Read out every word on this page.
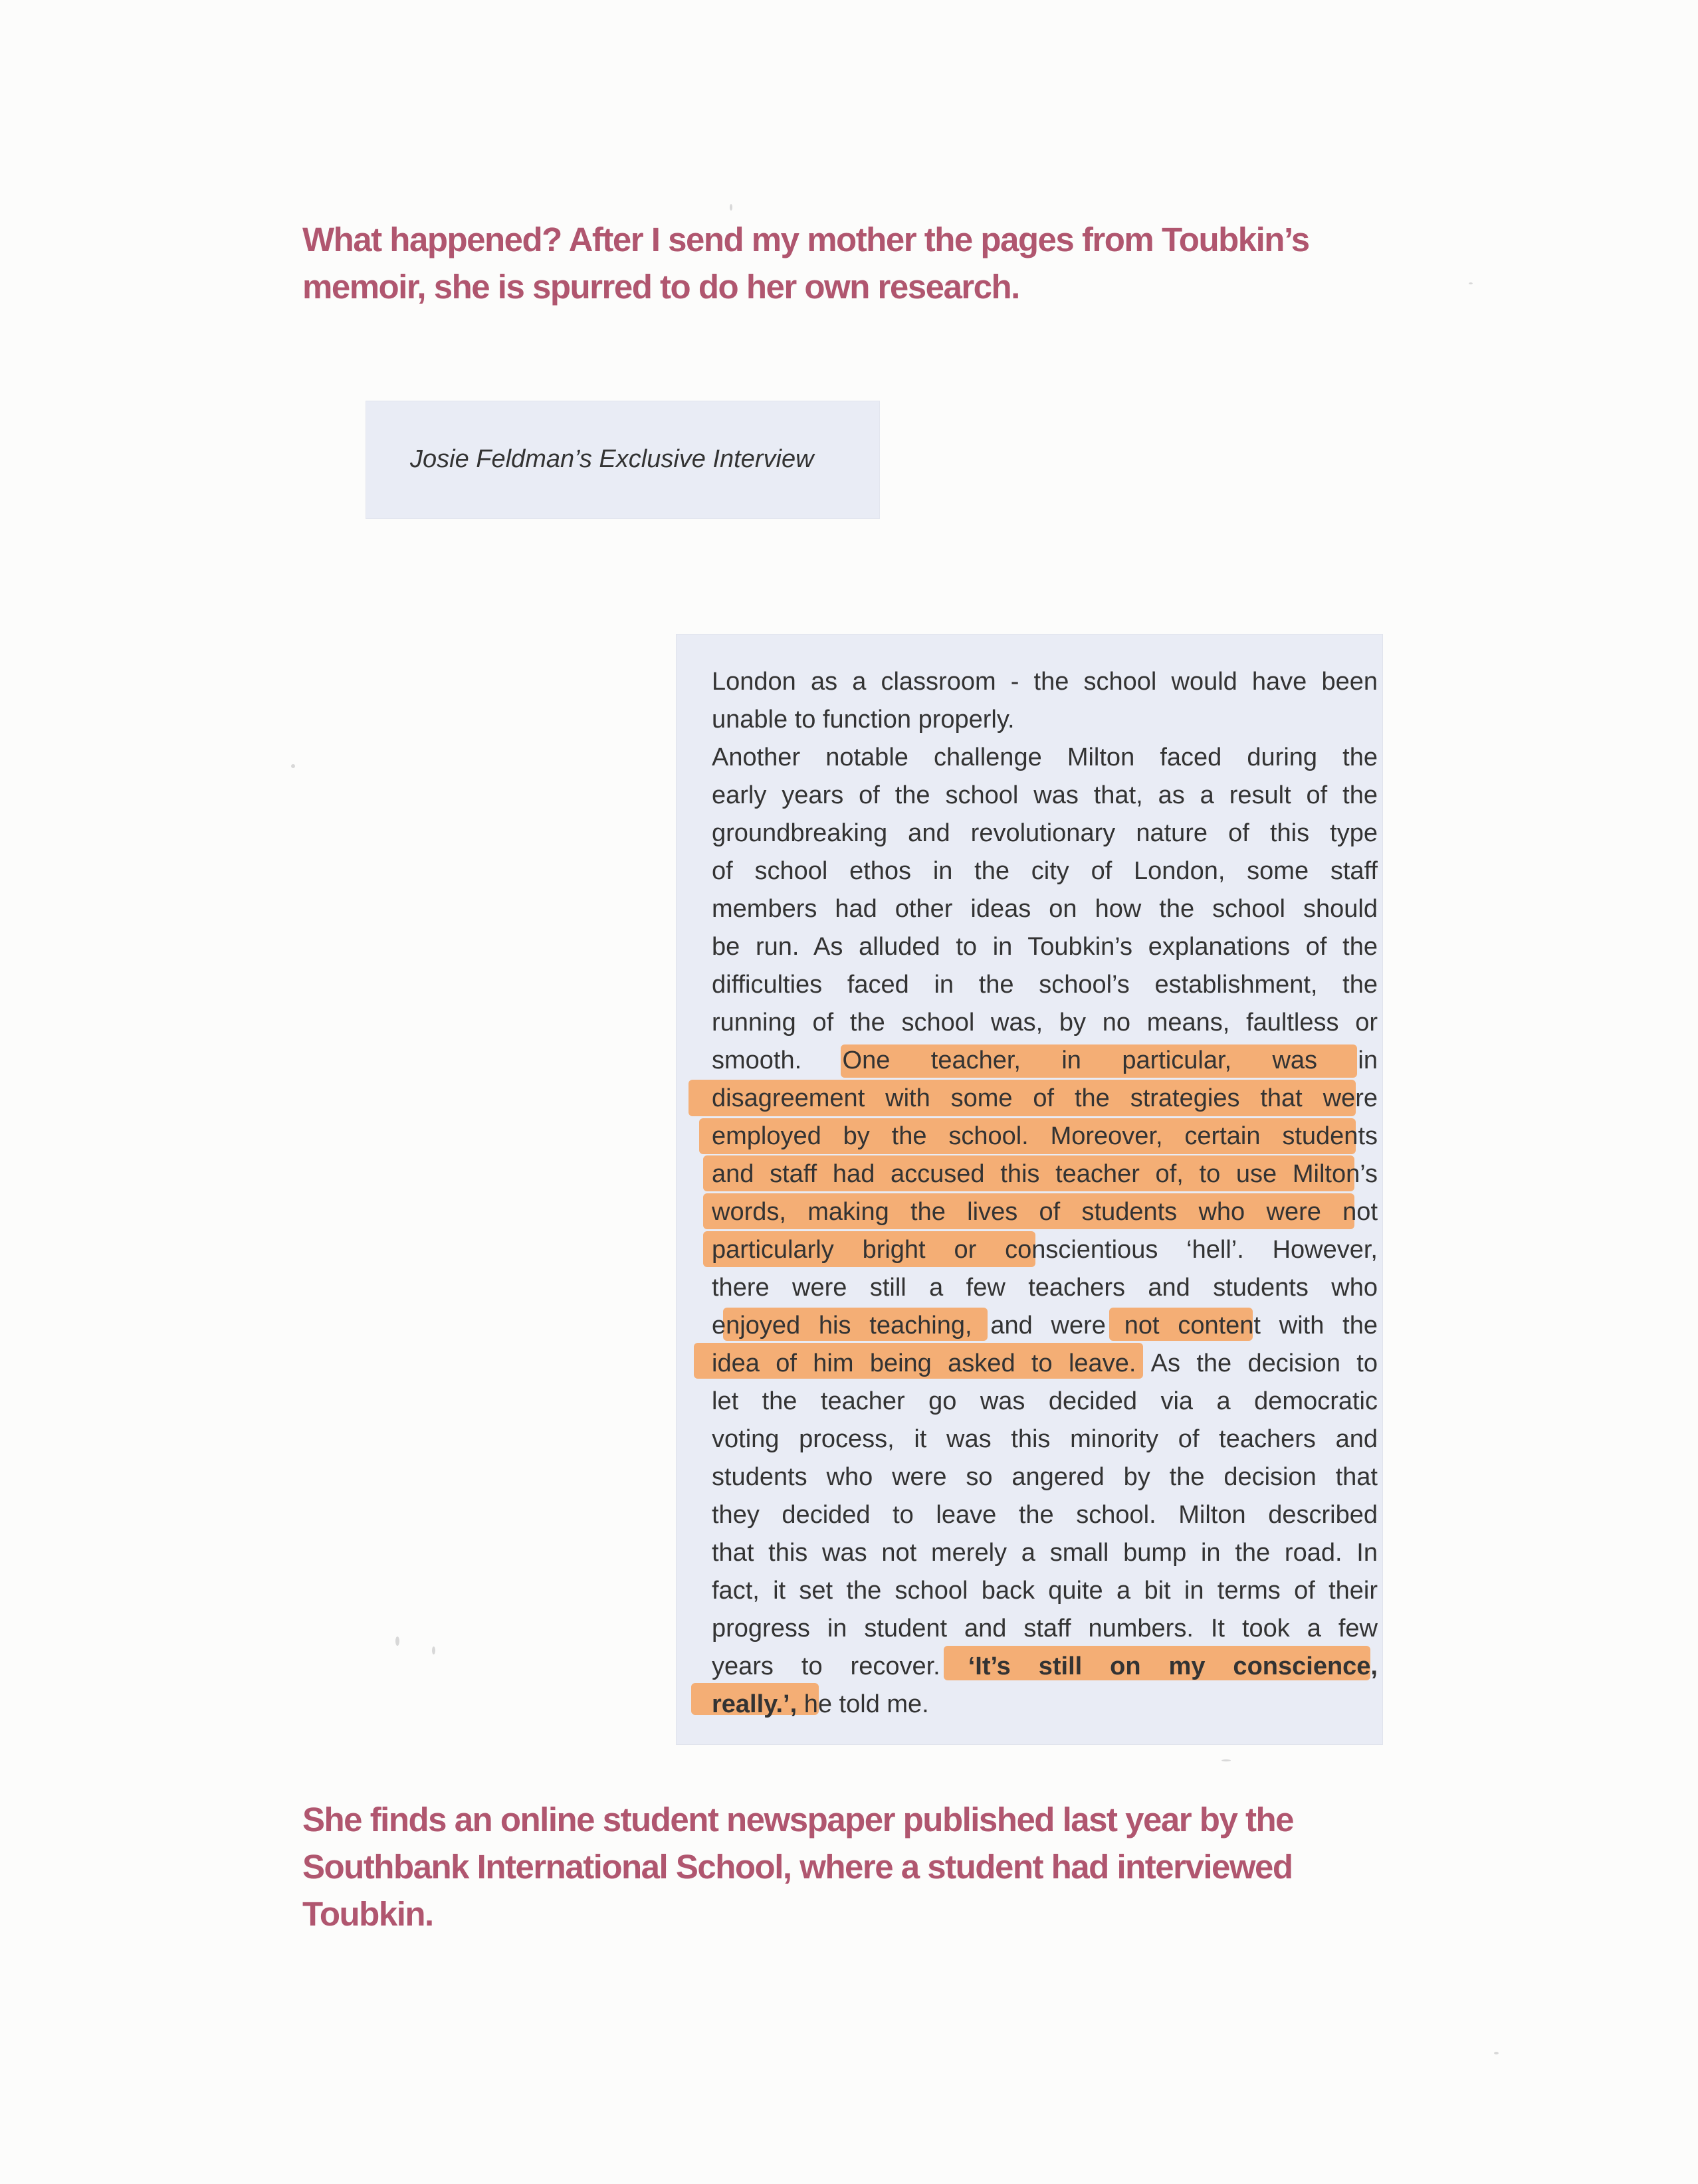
What happened? After I send my mother the pages from Toubkin’s
memoir, she is spurred to do her own research.
Josie Feldman’s Exclusive Interview
London as a classroom - the school would have been
unable to function properly.
Another notable challenge Milton faced during the
early years of the school was that, as a result of the
groundbreaking and revolutionary nature of this type
of school ethos in the city of London, some staff
members had other ideas on how the school should
be run. As alluded to in Toubkin’s explanations of the
difficulties faced in the school’s establishment, the
running of the school was, by no means, faultless or
smooth. One teacher, in particular, was in
disagreement with some of the strategies that were
employed by the school. Moreover, certain students
and staff had accused this teacher of, to use Milton’s
words, making the lives of students who were not
particularly bright or conscientious ‘hell’. However,
there were still a few teachers and students who
enjoyed his teaching, and were not content with the
idea of him being asked to leave. As the decision to
let the teacher go was decided via a democratic
voting process, it was this minority of teachers and
students who were so angered by the decision that
they decided to leave the school. Milton described
that this was not merely a small bump in the road. In
fact, it set the school back quite a bit in terms of their
progress in student and staff numbers. It took a few
years to recover. ‘It’s still on my conscience,
really.’, he told me.
She finds an online student newspaper published last year by the
Southbank International School, where a student had interviewed
Toubkin.
